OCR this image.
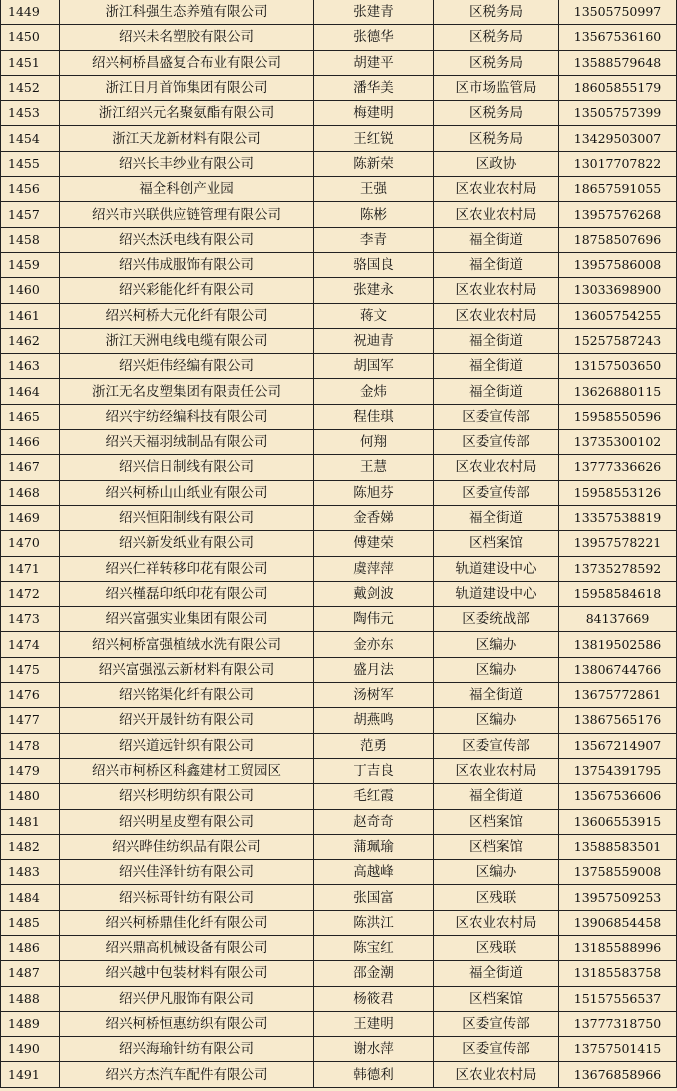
1449	浙江科强生态养殖有限公司	张建青	区税务局	13505750997
1450	绍兴未名塑胶有限公司	张德华	区税务局	13567536160
1451	绍兴柯桥昌盛复合布业有限公司	胡建平	区税务局	13588579648
1452	浙江日月首饰集团有限公司	潘华美	区市场监管局	18605855179
1453	浙江绍兴元名聚氨酯有限公司	梅建明	区税务局	13505757399
1454	浙江天龙新材料有限公司	王红锐	区税务局	13429503007
1455	绍兴长丰纱业有限公司	陈新荣	区政协	13017707822
1456	福全科创产业园	王强	区农业农村局	18657591055
1457	绍兴市兴联供应链管理有限公司	陈彬	区农业农村局	13957576268
1458	绍兴杰沃电线有限公司	李青	福全街道	18758507696
1459	绍兴伟成服饰有限公司	骆国良	福全街道	13957586008
1460	绍兴彩能化纤有限公司	张建永	区农业农村局	13033698900
1461	绍兴柯桥大元化纤有限公司	蒋文	区农业农村局	13605754255
1462	浙江天洲电线电缆有限公司	祝迪青	福全街道	15257587243
1463	绍兴炬伟经编有限公司	胡国军	福全街道	13157503650
1464	浙江无名皮塑集团有限责任公司	金炜	福全街道	13626880115
1465	绍兴宇纺经编科技有限公司	程佳琪	区委宣传部	15958550596
1466	绍兴天福羽绒制品有限公司	何翔	区委宣传部	13735300102
1467	绍兴信日制线有限公司	王慧	区农业农村局	13777336626
1468	绍兴柯桥山山纸业有限公司	陈旭芬	区委宣传部	15958553126
1469	绍兴恒阳制线有限公司	金香娣	福全街道	13357538819
1470	绍兴新发纸业有限公司	傅建荣	区档案馆	13957578221
1471	绍兴仁祥转移印花有限公司	虞萍萍	轨道建设中心	13735278592
1472	绍兴槿磊印纸印花有限公司	戴剑波	轨道建设中心	15958584618
1473	绍兴富强实业集团有限公司	陶伟元	区委统战部	84137669
1474	绍兴柯桥富强植绒水洗有限公司	金亦东	区编办	13819502586
1475	绍兴富强泓云新材料有限公司	盛月法	区编办	13806744766
1476	绍兴铭渠化纤有限公司	汤树军	福全街道	13675772861
1477	绍兴开晟针纺有限公司	胡燕鸣	区编办	13867565176
1478	绍兴道远针织有限公司	范勇	区委宣传部	13567214907
1479	绍兴市柯桥区科鑫建材工贸园区	丁吉良	区农业农村局	13754391795
1480	绍兴杉明纺织有限公司	毛红霞	福全街道	13567536606
1481	绍兴明星皮塑有限公司	赵奇奇	区档案馆	13606553915
1482	绍兴晔佳纺织品有限公司	蒲珮瑜	区档案馆	13588583501
1483	绍兴佳泽针纺有限公司	高越峰	区编办	13758559008
1484	绍兴标哥针纺有限公司	张国富	区残联	13957509253
1485	绍兴柯桥鼎佳化纤有限公司	陈洪江	区农业农村局	13906854458
1486	绍兴鼎高机械设备有限公司	陈宝红	区残联	13185588996
1487	绍兴越中包装材料有限公司	邵金潮	福全街道	13185583758
1488	绍兴伊凡服饰有限公司	杨筱君	区档案馆	15157556537
1489	绍兴柯桥恒惠纺织有限公司	王建明	区委宣传部	13777318750
1490	绍兴海瑜针纺有限公司	谢水萍	区委宣传部	13757501415
1491	绍兴方杰汽车配件有限公司	韩德利	区农业农村局	13676858966
